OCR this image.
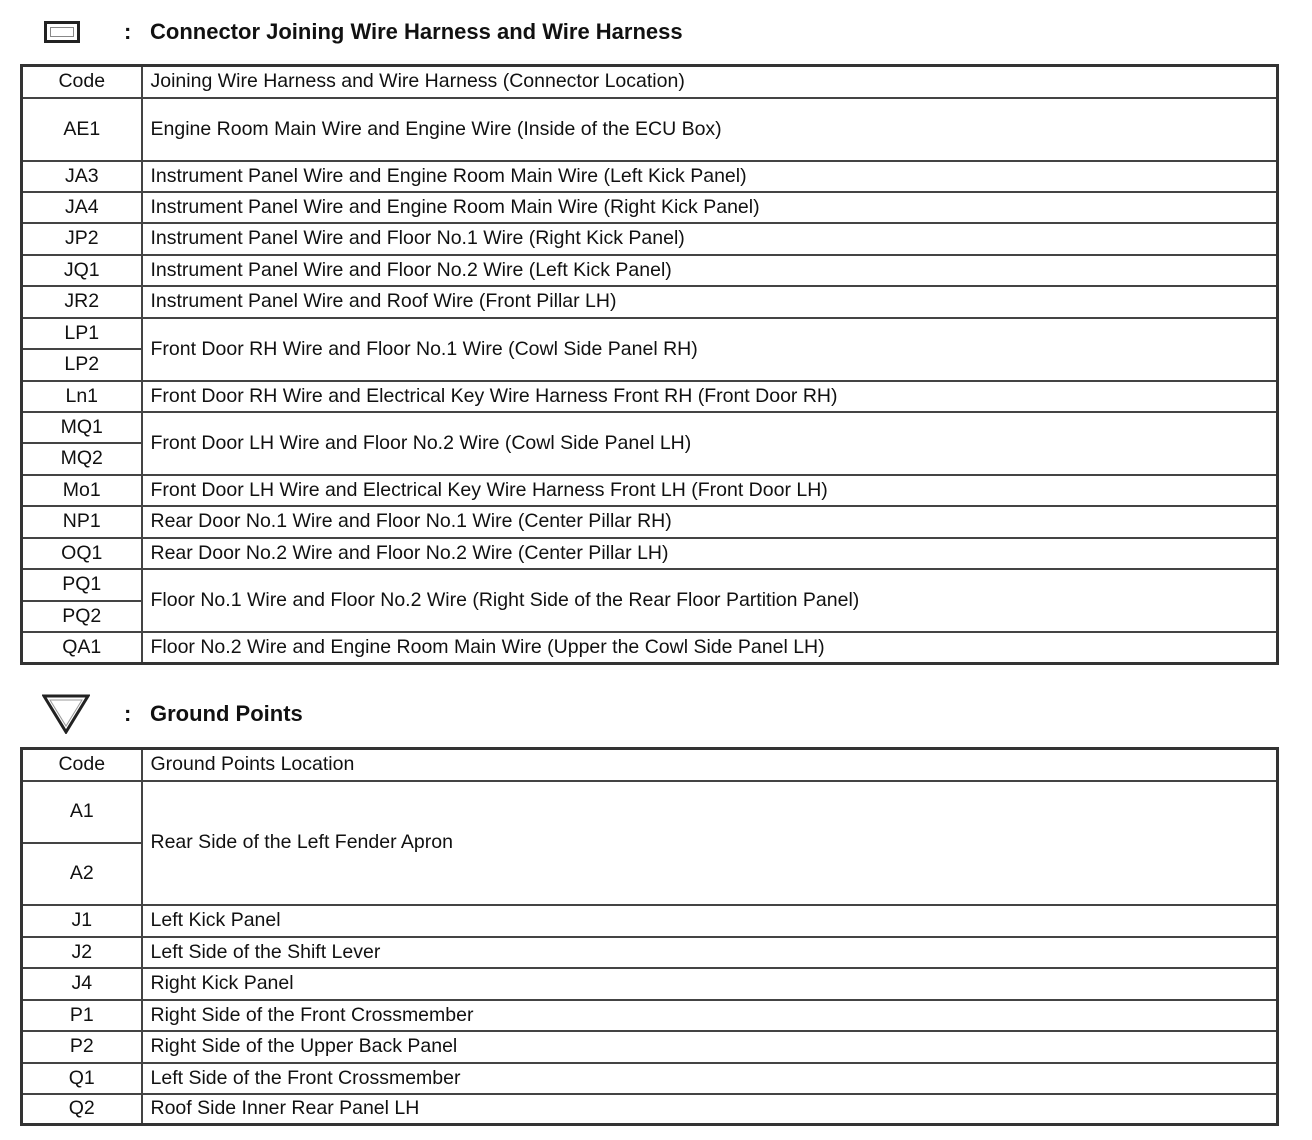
: Connector Joining Wire Harness and Wire Harness
Code	Joining Wire Harness and Wire Harness (Connector Location)
AE1	Engine Room Main Wire and Engine Wire (Inside of the ECU Box)
JA3	Instrument Panel Wire and Engine Room Main Wire (Left Kick Panel)
JA4	Instrument Panel Wire and Engine Room Main Wire (Right Kick Panel)
JP2	Instrument Panel Wire and Floor No.1 Wire (Right Kick Panel)
JQ1	Instrument Panel Wire and Floor No.2 Wire (Left Kick Panel)
JR2	Instrument Panel Wire and Roof Wire (Front Pillar LH)
LP1	Front Door RH Wire and Floor No.1 Wire (Cowl Side Panel RH)
LP2	
Ln1	Front Door RH Wire and Electrical Key Wire Harness Front RH (Front Door RH)
MQ1	Front Door LH Wire and Floor No.2 Wire (Cowl Side Panel LH)
MQ2	
Mo1	Front Door LH Wire and Electrical Key Wire Harness Front LH (Front Door LH)
NP1	Rear Door No.1 Wire and Floor No.1 Wire (Center Pillar RH)
OQ1	Rear Door No.2 Wire and Floor No.2 Wire (Center Pillar LH)
PQ1	Floor No.1 Wire and Floor No.2 Wire (Right Side of the Rear Floor Partition Panel)
PQ2	
QA1	Floor No.2 Wire and Engine Room Main Wire (Upper the Cowl Side Panel LH)
: Ground Points
Code	Ground Points Location
A1	Rear Side of the Left Fender Apron
A2	
J1	Left Kick Panel
J2	Left Side of the Shift Lever
J4	Right Kick Panel
P1	Right Side of the Front Crossmember
P2	Right Side of the Upper Back Panel
Q1	Left Side of the Front Crossmember
Q2	Roof Side Inner Rear Panel LH
